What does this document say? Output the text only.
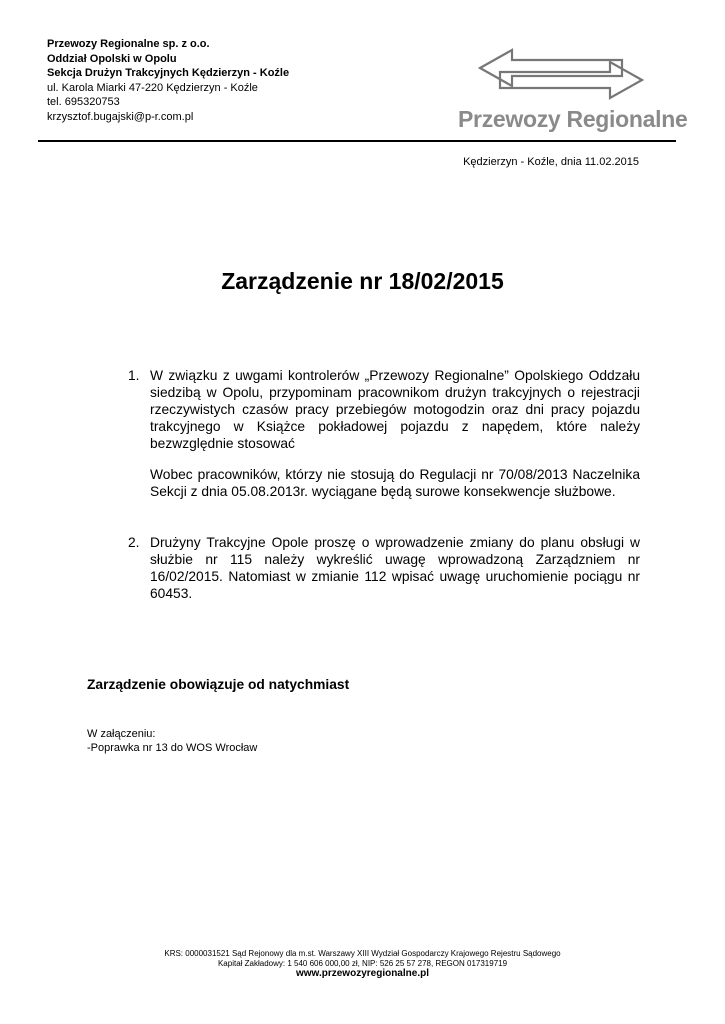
Przewozy Regionalne sp. z o.o.
Oddział Opolski w Opolu
Sekcja Drużyn Trakcyjnych Kędzierzyn - Koźle
ul. Karola Miarki 47-220 Kędzierzyn - Koźle
tel. 695320753
krzysztof.bugajski@p-r.com.pl	Przewozy Regionalne
Kędzierzyn - Koźle, dnia 11.02.2015
Zarządzenie nr 18/02/2015
1. W związku z uwgami kontrolerów „Przewozy Regionalne” Opolskiego Oddzału siedzibą w Opolu, przypominam pracownikom drużyn trakcyjnych o rejestracji rzeczywistych czasów pracy przebiegów motogodzin oraz dni pracy pojazdu trakcyjnego w Książce pokładowej pojazdu z napędem, które należy bezwzględnie stosować
Wobec pracowników, którzy nie stosują do Regulacji nr 70/08/2013 Naczelnika Sekcji z dnia 05.08.2013r. wyciągane będą surowe konsekwencje służbowe.
2. Drużyny Trakcyjne Opole proszę o wprowadzenie zmiany do planu obsługi w służbie nr 115 należy wykreślić uwagę wprowadzoną Zarządzniem nr 16/02/2015. Natomiast w zmianie 112 wpisać uwagę uruchomienie pociągu nr 60453.
Zarządzenie obowiązuje od natychmiast
W załączeniu:
-Poprawka nr 13 do WOS Wrocław
KRS: 0000031521 Sąd Rejonowy dla m.st. Warszawy XIII Wydział Gospodarczy Krajowego Rejestru Sądowego
Kapitał Zakładowy: 1 540 606 000,00 zł, NIP: 526 25 57 278, REGON 017319719
www.przewozyregionalne.pl
